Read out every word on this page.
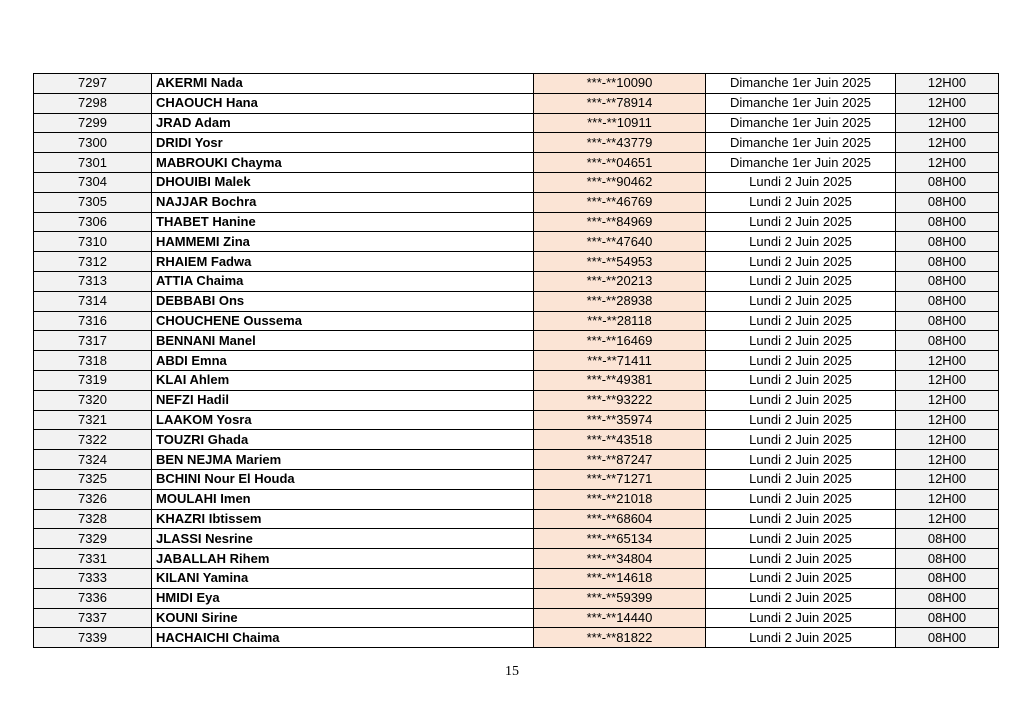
7297	AKERMI Nada	***-**10090	Dimanche 1er Juin 2025	12H00
7298	CHAOUCH Hana	***-**78914	Dimanche 1er Juin 2025	12H00
7299	JRAD Adam	***-**10911	Dimanche 1er Juin 2025	12H00
7300	DRIDI Yosr	***-**43779	Dimanche 1er Juin 2025	12H00
7301	MABROUKI Chayma	***-**04651	Dimanche 1er Juin 2025	12H00
7304	DHOUIBI Malek	***-**90462	Lundi 2 Juin 2025	08H00
7305	NAJJAR Bochra	***-**46769	Lundi 2 Juin 2025	08H00
7306	THABET Hanine	***-**84969	Lundi 2 Juin 2025	08H00
7310	HAMMEMI Zina	***-**47640	Lundi 2 Juin 2025	08H00
7312	RHAIEM Fadwa	***-**54953	Lundi 2 Juin 2025	08H00
7313	ATTIA Chaima	***-**20213	Lundi 2 Juin 2025	08H00
7314	DEBBABI Ons	***-**28938	Lundi 2 Juin 2025	08H00
7316	CHOUCHENE Oussema	***-**28118	Lundi 2 Juin 2025	08H00
7317	BENNANI Manel	***-**16469	Lundi 2 Juin 2025	08H00
7318	ABDI Emna	***-**71411	Lundi 2 Juin 2025	12H00
7319	KLAI Ahlem	***-**49381	Lundi 2 Juin 2025	12H00
7320	NEFZI Hadil	***-**93222	Lundi 2 Juin 2025	12H00
7321	LAAKOM Yosra	***-**35974	Lundi 2 Juin 2025	12H00
7322	TOUZRI Ghada	***-**43518	Lundi 2 Juin 2025	12H00
7324	BEN NEJMA Mariem	***-**87247	Lundi 2 Juin 2025	12H00
7325	BCHINI Nour El Houda	***-**71271	Lundi 2 Juin 2025	12H00
7326	MOULAHI Imen	***-**21018	Lundi 2 Juin 2025	12H00
7328	KHAZRI Ibtissem	***-**68604	Lundi 2 Juin 2025	12H00
7329	JLASSI Nesrine	***-**65134	Lundi 2 Juin 2025	08H00
7331	JABALLAH Rihem	***-**34804	Lundi 2 Juin 2025	08H00
7333	KILANI Yamina	***-**14618	Lundi 2 Juin 2025	08H00
7336	HMIDI Eya	***-**59399	Lundi 2 Juin 2025	08H00
7337	KOUNI Sirine	***-**14440	Lundi 2 Juin 2025	08H00
7339	HACHAICHI Chaima	***-**81822	Lundi 2 Juin 2025	08H00
15
